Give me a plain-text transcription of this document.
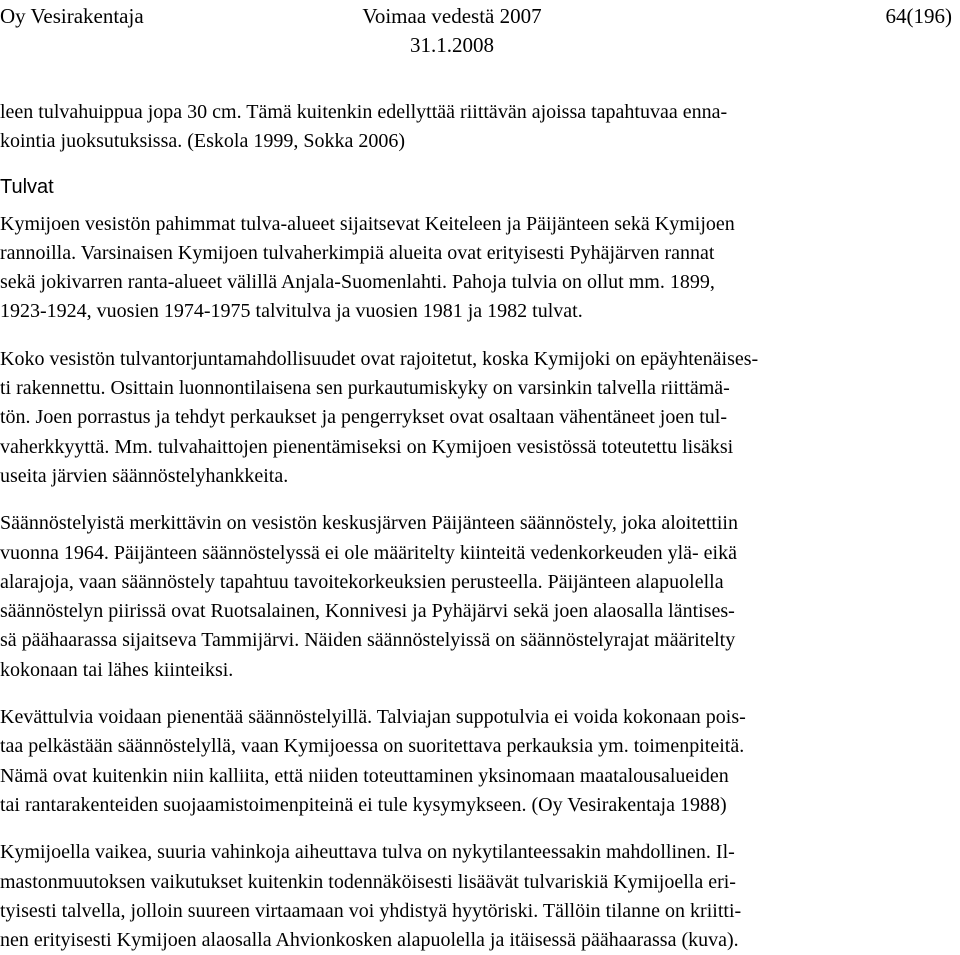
Oy Vesirakentaja	Voimaa vedestä 2007
31.1.2008
64(196)

leen tulvahuippua jopa 30 cm. Tämä kuitenkin edellyttää riittävän ajoissa tapahtuvaa enna-
kointia juoksutuksissa. (Eskola 1999, Sokka 2006)

Tulvat

Kymijoen vesistön pahimmat tulva-alueet sijaitsevat Keiteleen ja Päijänteen sekä Kymijoen
rannoilla. Varsinaisen Kymijoen tulvaherkimpiä alueita ovat erityisesti Pyhäjärven rannat
sekä jokivarren ranta-alueet välillä Anjala-Suomenlahti. Pahoja tulvia on ollut mm. 1899,
1923-1924, vuosien 1974-1975 talvitulva ja vuosien 1981 ja 1982 tulvat.

Koko vesistön tulvantorjuntamahdollisuudet ovat rajoitetut, koska Kymijoki on epäyhtenäises-
ti rakennettu. Osittain luonnontilaisena sen purkautumiskyky on varsinkin talvella riittämä-
tön. Joen porrastus ja tehdyt perkaukset ja pengerrykset ovat osaltaan vähentäneet joen tul-
vaherkkyyttä. Mm. tulvahaittojen pienentämiseksi on Kymijoen vesistössä toteutettu lisäksi
useita järvien säännöstelyhankkeita.

Säännöstelyistä merkittävin on vesistön keskusjärven Päijänteen säännöstely, joka aloitettiin
vuonna 1964. Päijänteen säännöstelyssä ei ole määritelty kiinteitä vedenkorkeuden ylä- eikä
alarajoja, vaan säännöstely tapahtuu tavoitekorkeuksien perusteella. Päijänteen alapuolella
säännöstelyn piirissä ovat Ruotsalainen, Konnivesi ja Pyhäjärvi sekä joen alaosalla läntises-
sä päähaarassa sijaitseva Tammijärvi. Näiden säännöstelyissä on säännöstelyrajat määritelty
kokonaan tai lähes kiinteiksi.

Kevättulvia voidaan pienentää säännöstelyillä. Talviajan suppotulvia ei voida kokonaan pois-
taa pelkästään säännöstelyllä, vaan Kymijoessa on suoritettava perkauksia ym. toimenpiteitä.
Nämä ovat kuitenkin niin kalliita, että niiden toteuttaminen yksinomaan maatalousalueiden
tai rantarakenteiden suojaamistoimenpiteinä ei tule kysymykseen. (Oy Vesirakentaja 1988)

Kymijoella vaikea, suuria vahinkoja aiheuttava tulva on nykytilanteessakin mahdollinen. Il-
mastonmuutoksen vaikutukset kuitenkin todennäköisesti lisäävät tulvariskiä Kymijoella eri-
tyisesti talvella, jolloin suureen virtaamaan voi yhdistyä hyytöriski. Tällöin tilanne on kriitti-
nen erityisesti Kymijoen alaosalla Ahvionkosken alapuolella ja itäisessä päähaarassa (kuva).
